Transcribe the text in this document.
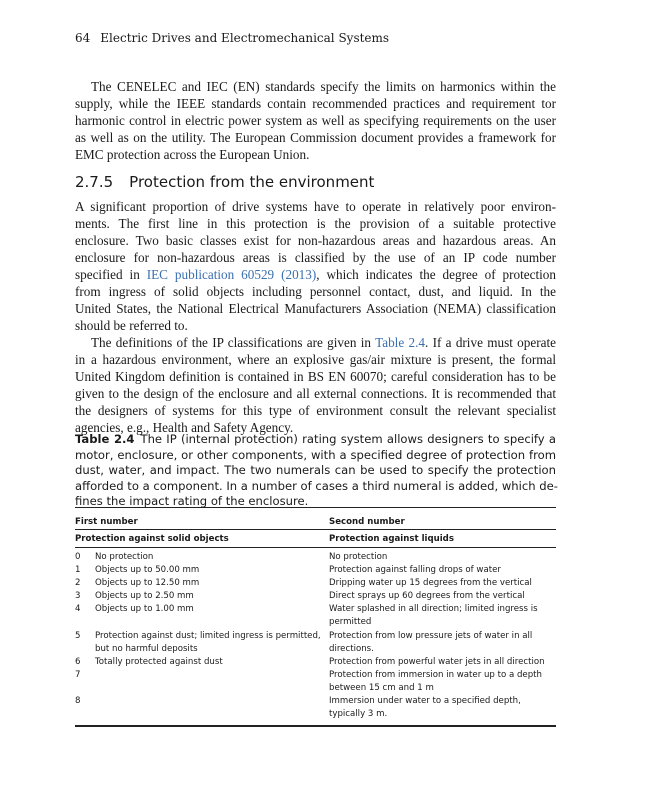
64 Electric Drives and Electromechanical Systems
The CENELEC and IEC (EN) standards specify the limits on harmonics within the
supply, while the IEEE standards contain recommended practices and requirement tor
harmonic control in electric power system as well as specifying requirements on the user
as well as on the utility. The European Commission document provides a framework for
EMC protection across the European Union.
2.7.5 Protection from the environment
A significant proportion of drive systems have to operate in relatively poor environ-
ments. The first line in this protection is the provision of a suitable protective
enclosure. Two basic classes exist for non-hazardous areas and hazardous areas. An
enclosure for non-hazardous areas is classified by the use of an IP code number
specified in IEC publication 60529 (2013), which indicates the degree of protection
from ingress of solid objects including personnel contact, dust, and liquid. In the
United States, the National Electrical Manufacturers Association (NEMA) classification
should be referred to.
The definitions of the IP classifications are given in Table 2.4. If a drive must operate
in a hazardous environment, where an explosive gas/air mixture is present, the formal
United Kingdom definition is contained in BS EN 60070; careful consideration has to be
given to the design of the enclosure and all external connections. It is recommended that
the designers of systems for this type of environment consult the relevant specialist
agencies, e.g., Health and Safety Agency.
Table 2.4 The IP (internal protection) rating system allows designers to specify a
motor, enclosure, or other components, with a specified degree of protection from
dust, water, and impact. The two numerals can be used to specify the protection
afforded to a component. In a number of cases a third numeral is added, which de-
fines the impact rating of the enclosure.
First number		Second number
Protection against solid objects		Protection against liquids
0	No protection	No protection
1	Objects up to 50.00 mm	Protection against falling drops of water
2	Objects up to 12.50 mm	Dripping water up 15 degrees from the vertical
3	Objects up to 2.50 mm	Direct sprays up 60 degrees from the vertical
4	Objects up to 1.00 mm	Water splashed in all direction; limited ingress is permitted
5	Protection against dust; limited ingress is permitted, but no harmful deposits	Protection from low pressure jets of water in all directions.
6	Totally protected against dust	Protection from powerful water jets in all direction
7		Protection from immersion in water up to a depth between 15 cm and 1 m
8		Immersion under water to a specified depth, typically 3 m.
